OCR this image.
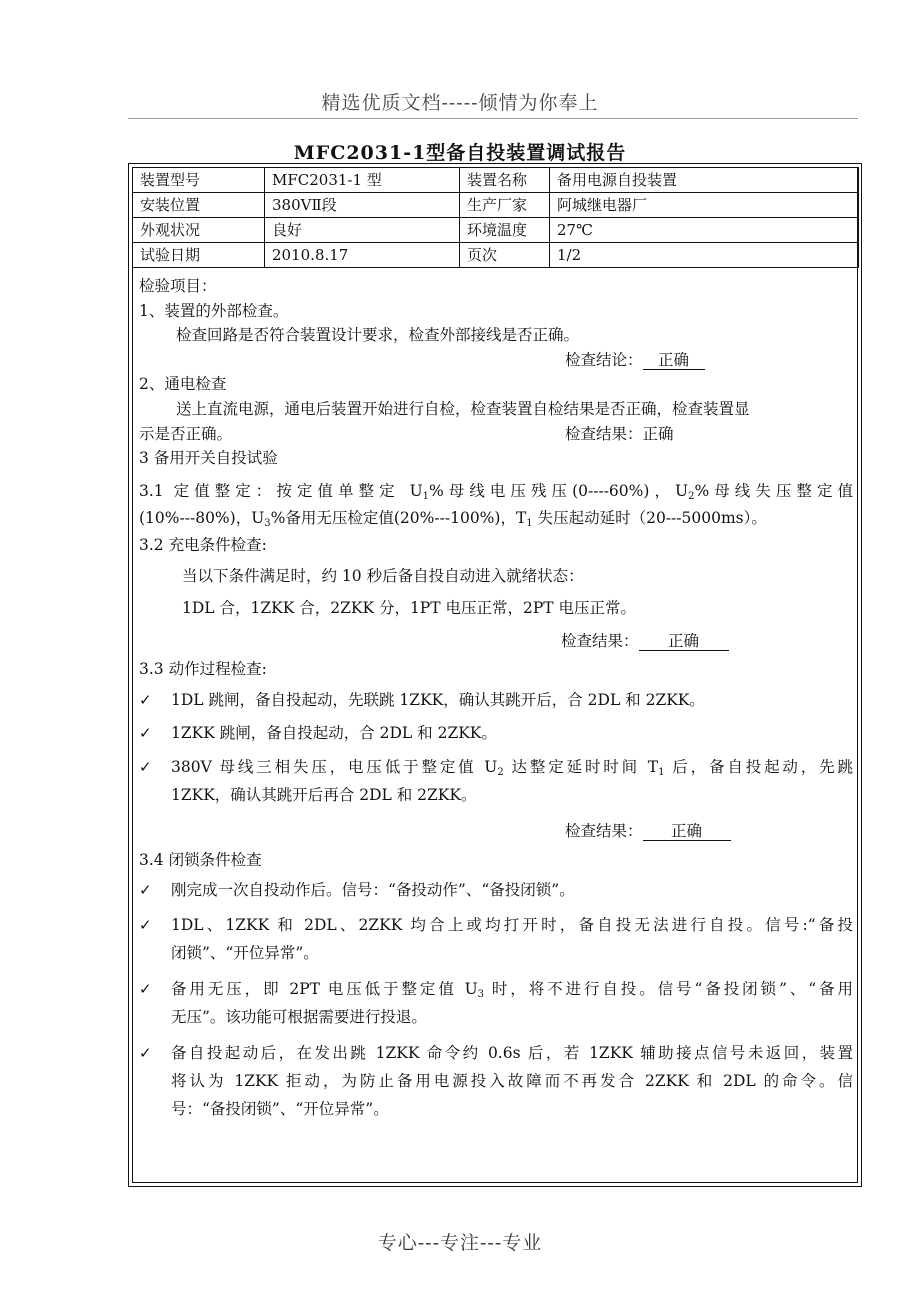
精选优质文档-----倾情为你奉上
MFC2031-1型备自投装置调试报告
装置型号	MFC2031-1 型	装置名称	备用电源自投装置
安装位置	380VⅡ段	生产厂家	阿城继电器厂
外观状况	良好	环境温度	27℃
试验日期	2010.8.17	页次	1/2
检验项目：
1、装置的外部检查。
检查回路是否符合装置设计要求，检查外部接线是否正确。
检查结论： 正确
2、通电检查
送上直流电源，通电后装置开始进行自检，检查装置自检结果是否正确，检查装置显
示是否正确。	检查结果：正确
3 备用开关自投试验
3.1 定值整定：按定值单整定 $U_1\%$母线电压残压(0----60%)，$U_2\%$母线失压整定值
(10%---80%)，$U_3\%$备用无压检定值(20%---100%)，$T_1$ 失压起动延时（20---5000ms）。
3.2 充电条件检查:
当以下条件满足时，约 10 秒后备自投自动进入就绪状态：
1DL 合，1ZKK 合，2ZKK 分，1PT 电压正常，2PT 电压正常。
检查结果： 正确
3.3 动作过程检查:
✓ 1DL 跳闸，备自投起动，先联跳 1ZKK，确认其跳开后，合 2DL 和 2ZKK。
✓ 1ZKK 跳闸，备自投起动，合 2DL 和 2ZKK。
✓ 380V 母线三相失压，电压低于整定值 $U_2$ 达整定延时时间 $T_1$ 后，备自投起动，先跳
1ZKK，确认其跳开后再合 2DL 和 2ZKK。
检查结果： 正确
3.4 闭锁条件检查
✓ 刚完成一次自投动作后。信号：“备投动作”、“备投闭锁”。
✓ 1DL、1ZKK 和 2DL、2ZKK 均合上或均打开时，备自投无法进行自投。信号:“备投
闭锁”、“开位异常”。
✓ 备用无压，即 2PT 电压低于整定值 $U_3$ 时，将不进行自投。信号“备投闭锁”、“备用
无压”。该功能可根据需要进行投退。
✓ 备自投起动后，在发出跳 1ZKK 命令约 0.6s 后，若 1ZKK 辅助接点信号未返回，装置
将认为 1ZKK 拒动，为防止备用电源投入故障而不再发合 2ZKK 和 2DL 的命令。信
号：“备投闭锁”、“开位异常”。
专心---专注---专业
